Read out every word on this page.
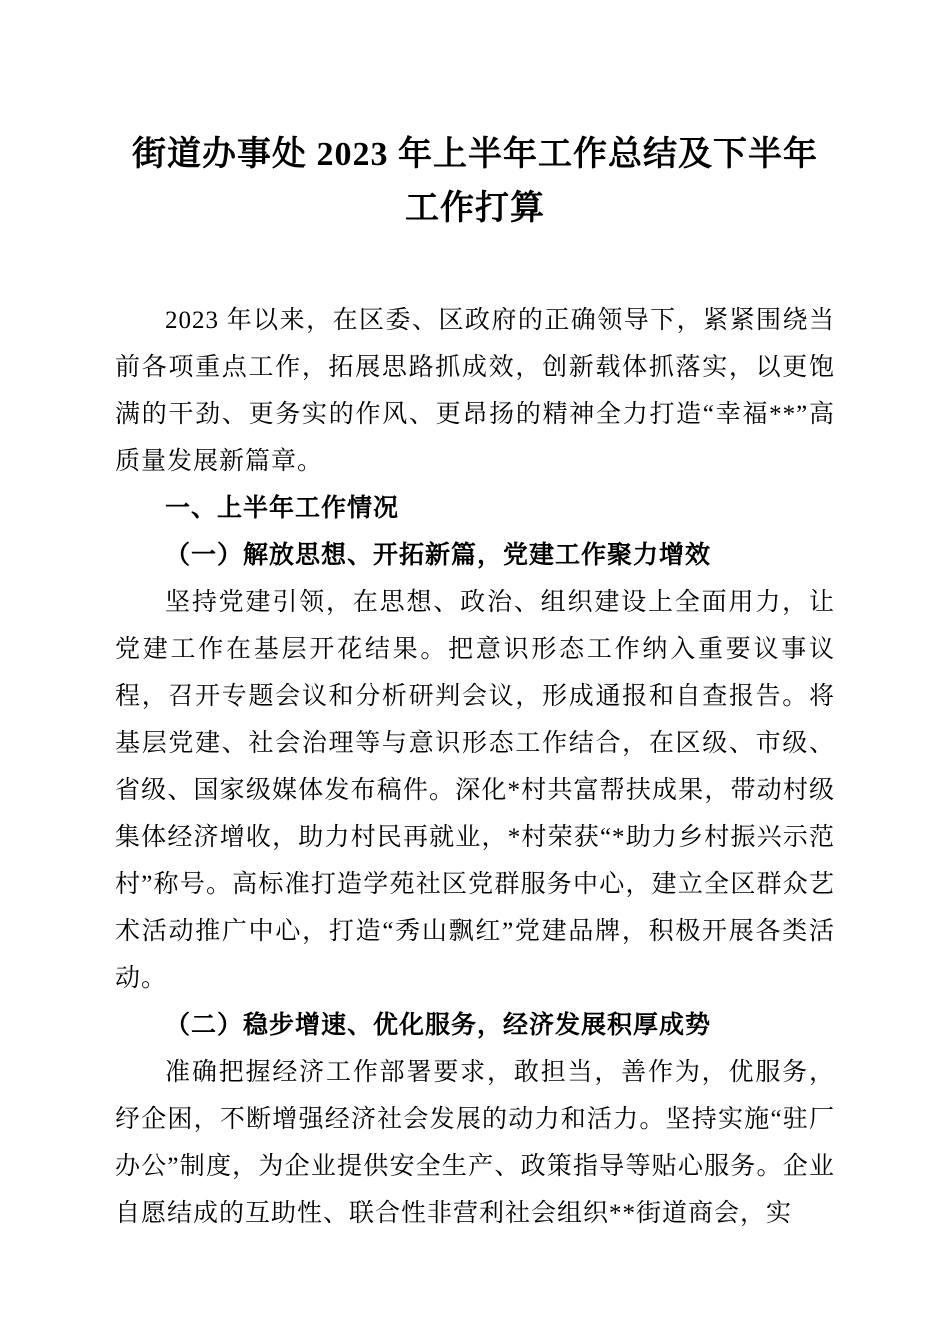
街道办事处 2023 年上半年工作总结及下半年工作打算

2023 年以来，在区委、区政府的正确领导下，紧紧围绕当前各项重点工作，拓展思路抓成效，创新载体抓落实，以更饱满的干劲、更务实的作风、更昂扬的精神全力打造“幸福**”高质量发展新篇章。

一、上半年工作情况
（一）解放思想、开拓新篇，党建工作聚力增效

坚持党建引领，在思想、政治、组织建设上全面用力，让党建工作在基层开花结果。把意识形态工作纳入重要议事议程，召开专题会议和分析研判会议，形成通报和自查报告。将基层党建、社会治理等与意识形态工作结合，在区级、市级、省级、国家级媒体发布稿件。深化*村共富帮扶成果，带动村级集体经济增收，助力村民再就业，*村荣获“*助力乡村振兴示范村”称号。高标准打造学苑社区党群服务中心，建立全区群众艺术活动推广中心，打造“秀山飘红”党建品牌，积极开展各类活动。

（二）稳步增速、优化服务，经济发展积厚成势

准确把握经济工作部署要求，敢担当，善作为，优服务，纾企困，不断增强经济社会发展的动力和活力。坚持实施“驻厂办公”制度，为企业提供安全生产、政策指导等贴心服务。企业自愿结成的互助性、联合性非营利社会组织**街道商会，实
